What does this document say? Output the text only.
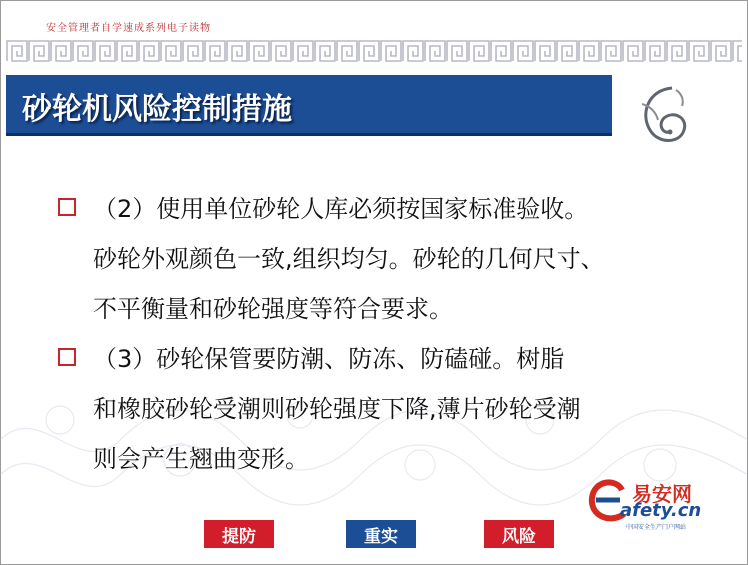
安全管理者自学速成系列电子读物
砂轮机风险控制措施
（2）使用单位砂轮人库必须按国家标准验收。
砂轮外观颜色一致,组织均匀。砂轮的几何尺寸、
不平衡量和砂轮强度等符合要求。
（3）砂轮保管要防潮、防冻、防磕碰。树脂
和橡胶砂轮受潮则砂轮强度下降,薄片砂轮受潮
则会产生翘曲变形。
提防	重实	风险
易安网
afety.cn
中国安全生产门户网站
